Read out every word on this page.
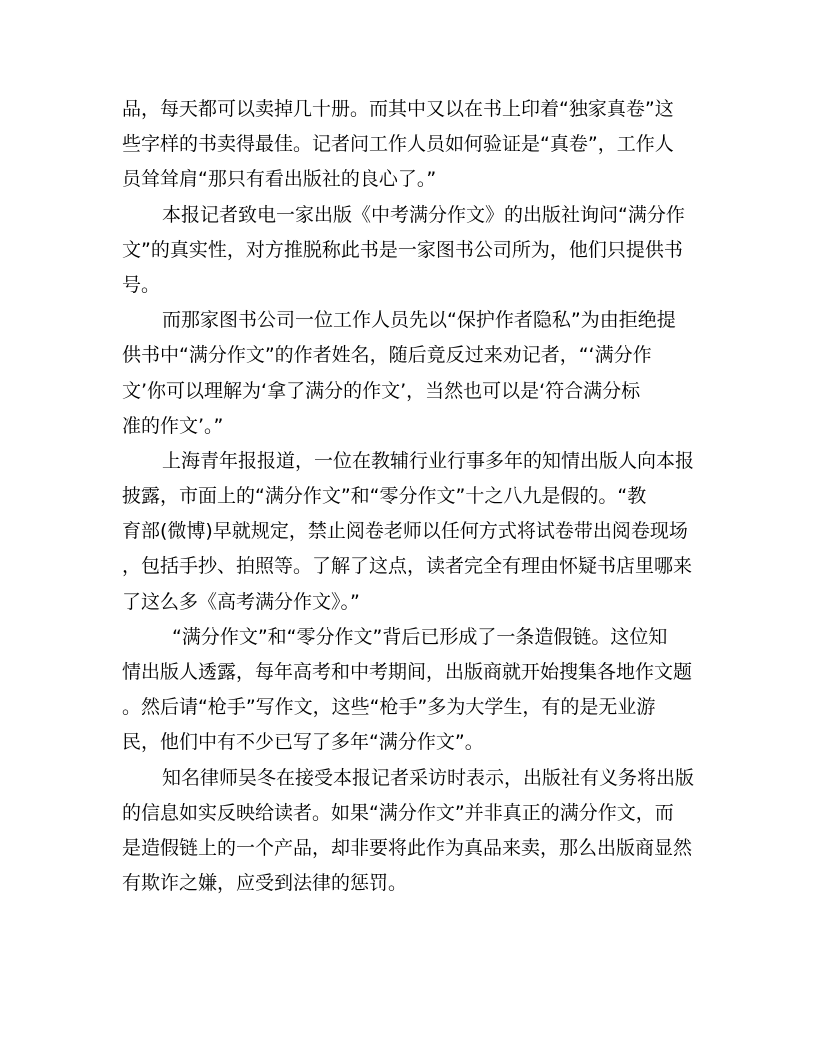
品，每天都可以卖掉几十册。而其中又以在书上印着“独家真卷”这
些字样的书卖得最佳。记者问工作人员如何验证是“真卷”，工作人
员耸耸肩“那只有看出版社的良心了。”
本报记者致电一家出版《中考满分作文》的出版社询问“满分作
文”的真实性，对方推脱称此书是一家图书公司所为，他们只提供书
号。
而那家图书公司一位工作人员先以“保护作者隐私”为由拒绝提
供书中“满分作文”的作者姓名，随后竟反过来劝记者，“‘满分作
文’你可以理解为‘拿了满分的作文’，当然也可以是‘符合满分标
准的作文’。”
上海青年报报道，一位在教辅行业行事多年的知情出版人向本报
披露，市面上的“满分作文”和“零分作文”十之八九是假的。“教
育部(微博)早就规定，禁止阅卷老师以任何方式将试卷带出阅卷现场
，包括手抄、拍照等。了解了这点，读者完全有理由怀疑书店里哪来
了这么多《高考满分作文》。”
“满分作文”和“零分作文”背后已形成了一条造假链。这位知
情出版人透露，每年高考和中考期间，出版商就开始搜集各地作文题
。然后请“枪手”写作文，这些“枪手”多为大学生，有的是无业游
民，他们中有不少已写了多年“满分作文”。
知名律师吴冬在接受本报记者采访时表示，出版社有义务将出版
的信息如实反映给读者。如果“满分作文”并非真正的满分作文，而
是造假链上的一个产品，却非要将此作为真品来卖，那么出版商显然
有欺诈之嫌，应受到法律的惩罚。
